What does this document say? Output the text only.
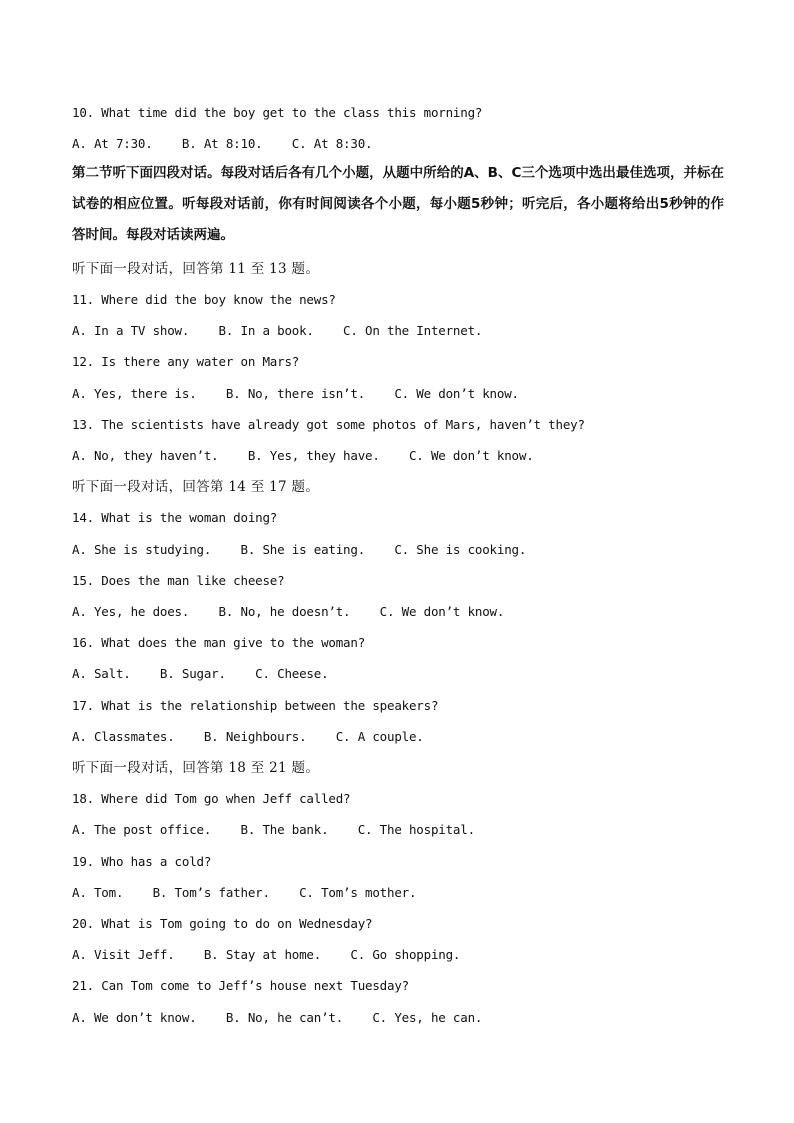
10. What time did the boy get to the class this morning?
A. At 7:30.    B. At 8:10.    C. At 8:30.
第二节听下面四段对话。每段对话后各有几个小题，从题中所给的A、B、C三个选项中选出最佳选项，并标在试卷的相应位置。听每段对话前，你有时间阅读各个小题，每小题5秒钟；听完后，各小题将给出5秒钟的作答时间。每段对话读两遍。
听下面一段对话，回答第 11 至 13 题。
11. Where did the boy know the news?
A. In a TV show.    B. In a book.    C. On the Internet.
12. Is there any water on Mars?
A. Yes, there is.    B. No, there isn’t.    C. We don’t know.
13. The scientists have already got some photos of Mars, haven’t they?
A. No, they haven’t.    B. Yes, they have.    C. We don’t know.
听下面一段对话，回答第 14 至 17 题。
14. What is the woman doing?
A. She is studying.    B. She is eating.    C. She is cooking.
15. Does the man like cheese?
A. Yes, he does.    B. No, he doesn’t.    C. We don’t know.
16. What does the man give to the woman?
A. Salt.    B. Sugar.    C. Cheese.
17. What is the relationship between the speakers?
A. Classmates.    B. Neighbours.    C. A couple.
听下面一段对话，回答第 18 至 21 题。
18. Where did Tom go when Jeff called?
A. The post office.    B. The bank.    C. The hospital.
19. Who has a cold?
A. Tom.    B. Tom’s father.    C. Tom’s mother.
20. What is Tom going to do on Wednesday?
A. Visit Jeff.    B. Stay at home.    C. Go shopping.
21. Can Tom come to Jeff’s house next Tuesday?
A. We don’t know.    B. No, he can’t.    C. Yes, he can.
